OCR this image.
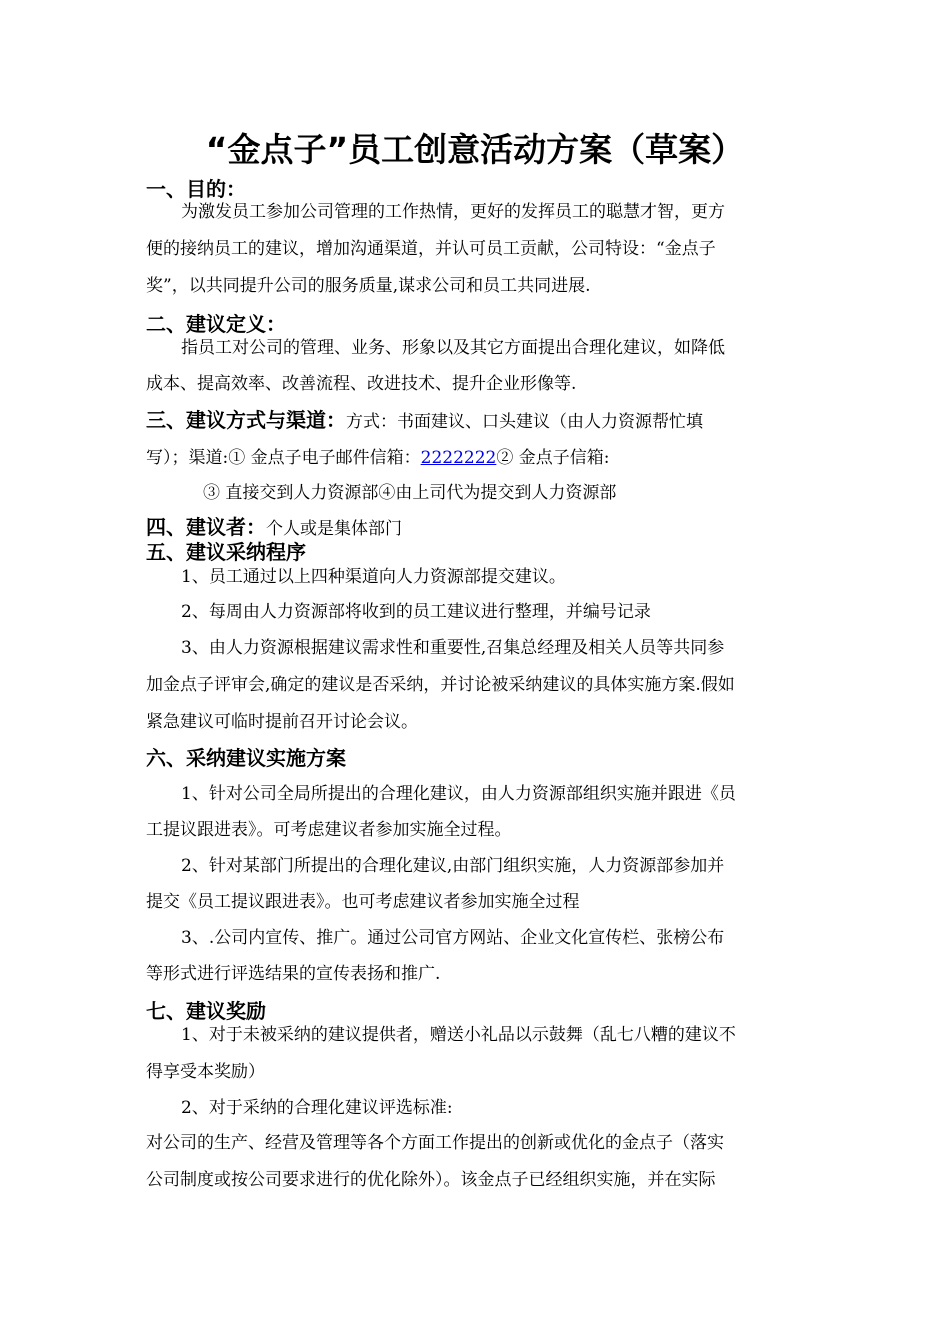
“金点子”员工创意活动方案（草案）
一、目的：
为激发员工参加公司管理的工作热情，更好的发挥员工的聪慧才智，更方
便的接纳员工的建议，增加沟通渠道，并认可员工贡献，公司特设：“金点子
奖”，以共同提升公司的服务质量,谋求公司和员工共同进展.
二、建议定义：
指员工对公司的管理、业务、形象以及其它方面提出合理化建议，如降低
成本、提高效率、改善流程、改进技术、提升企业形像等.
三、建议方式与渠道：方式：书面建议、口头建议（由人力资源帮忙填
写）；渠道:① 金点子电子邮件信箱：2222222② 金点子信箱:
③ 直接交到人力资源部④由上司代为提交到人力资源部
四、建议者：个人或是集体部门
五、建议采纳程序
1、员工通过以上四种渠道向人力资源部提交建议。
2、每周由人力资源部将收到的员工建议进行整理，并编号记录
3、由人力资源根据建议需求性和重要性,召集总经理及相关人员等共同参
加金点子评审会,确定的建议是否采纳，并讨论被采纳建议的具体实施方案.假如
紧急建议可临时提前召开讨论会议。
六、采纳建议实施方案
1、针对公司全局所提出的合理化建议，由人力资源部组织实施并跟进《员
工提议跟进表》。可考虑建议者参加实施全过程。
2、针对某部门所提出的合理化建议,由部门组织实施，人力资源部参加并
提交《员工提议跟进表》。也可考虑建议者参加实施全过程
3、.公司内宣传、推广。通过公司官方网站、企业文化宣传栏、张榜公布
等形式进行评选结果的宣传表扬和推广.
七、建议奖励
1、对于未被采纳的建议提供者，赠送小礼品以示鼓舞（乱七八糟的建议不
得享受本奖励）
2、对于采纳的合理化建议评选标准:
对公司的生产、经营及管理等各个方面工作提出的创新或优化的金点子（落实
公司制度或按公司要求进行的优化除外）。该金点子已经组织实施，并在实际
